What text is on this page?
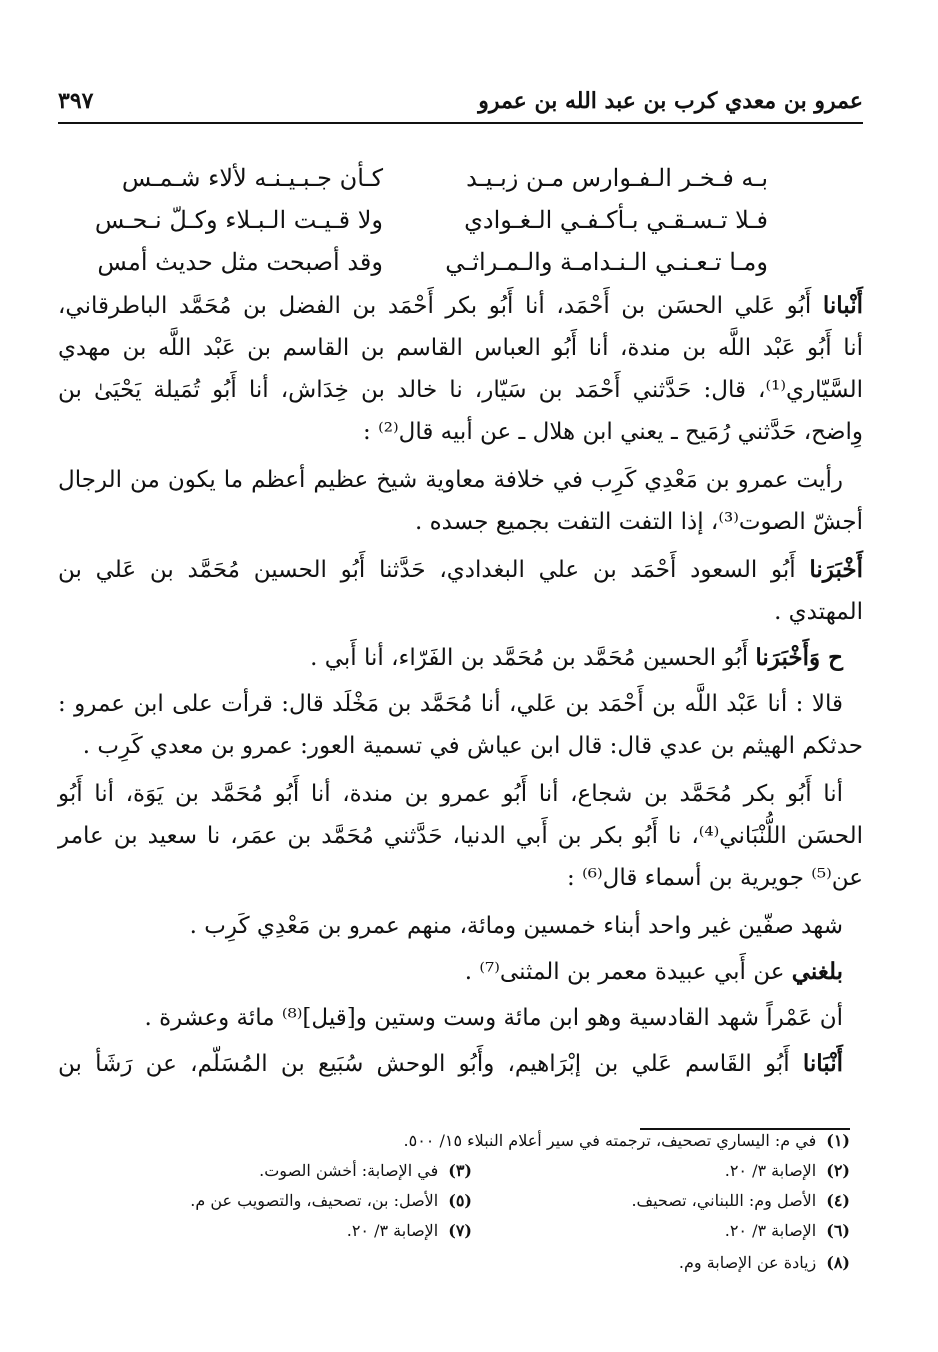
عمرو بن معدي كرب بن عبد الله بن عمرو
٣٩٧
بـه فـخـر الـفـوارس مـن زبـيـد
كـأن جـبـيـنـه لألاء شـمـس
فـلا تـسـقـي بـأكـفـي الـغـوادي
ولا قـيـت الـبـلاء وكـلّ نـحـس
ومـا تـعـنـي الـنـدامـة والـمـراثـي
وقد أصبحت مثل حديث أمس
أَنْبانا أَبُو عَلي الحسَن بن أَحْمَد، أنا أَبُو بكر أَحْمَد بن الفضل بن مُحَمَّد الباطرقاني،
أنا أَبُو عَبْد اللَّه بن مندة، أنا أَبُو العباس القاسم بن القاسم بن عَبْد اللَّه بن مهدي
السَّيّاري⁽¹⁾، قال: حَدَّثني أَحْمَد بن سَيّار، نا خالد بن خِدَاش، أنا أَبُو تُمَيلة يَحْيَىٰ بن
وِاضح، حَدَّثني رُمَيح ـ يعني ابن هلال ـ عن أبيه قال⁽²⁾ :
رأيت عمرو بن مَعْدِي كَرِب في خلافة معاوية شيخ عظيم أعظم ما يكون من الرجال
أجشّ الصوت⁽³⁾، إذا التفت التفت بجميع جسده .
أَخْبَرَنا أَبُو السعود أَحْمَد بن علي البغدادي، حَدَّثنا أَبُو الحسين مُحَمَّد بن عَلي بن
المهتدي .
ح وَأَخْبَرَنا أَبُو الحسين مُحَمَّد بن مُحَمَّد بن الفَرّاء، أنا أَبي .
قالا : أنا عَبْد اللَّه بن أَحْمَد بن عَلي، أنا مُحَمَّد بن مَخْلَد قال: قرأت على ابن عمرو :
حدثكم الهيثم بن عدي قال: قال ابن عياش في تسمية العور: عمرو بن معدي كَرِب .
أنا أَبُو بكر مُحَمَّد بن شجاع، أنا أَبُو عمرو بن مندة، أنا أَبُو مُحَمَّد بن يَوَة، أنا أَبُو
الحسَن اللُّنْبَاني⁽⁴⁾، نا أَبُو بكر بن أَبي الدنيا، حَدَّثني مُحَمَّد بن عمَر، نا سعيد بن عامر
عن⁽⁵⁾ جويرية بن أسماء قال⁽⁶⁾ :
شهد صفّين غير واحد أبناء خمسين ومائة، منهم عمرو بن مَعْدِي كَرِب .
بلغني عن أَبي عبيدة معمر بن المثنى⁽⁷⁾ .
أن عَمْراً شهد القادسية وهو ابن مائة وست وستين و[قيل]⁽⁸⁾ مائة وعشرة .
أَنْبَانا أَبُو القَاسم عَلي بن إبْرَاهيم، وأَبُو الوحش سُبَيع بن المُسَلّم، عن رَشَأ بن
(١)في م: اليساري تصحيف، ترجمته في سير أعلام النبلاء ١٥/ ٥٠٠.
(٢)الإصابة ٣/ ٢٠.
(٣)في الإصابة: أخشن الصوت.
(٤)الأصل وم: اللبناني، تصحيف.
(٥)الأصل: بن، تصحيف، والتصويب عن م.
(٦)الإصابة ٣/ ٢٠.
(٧)الإصابة ٣/ ٢٠.
(٨)زيادة عن الإصابة وم.
